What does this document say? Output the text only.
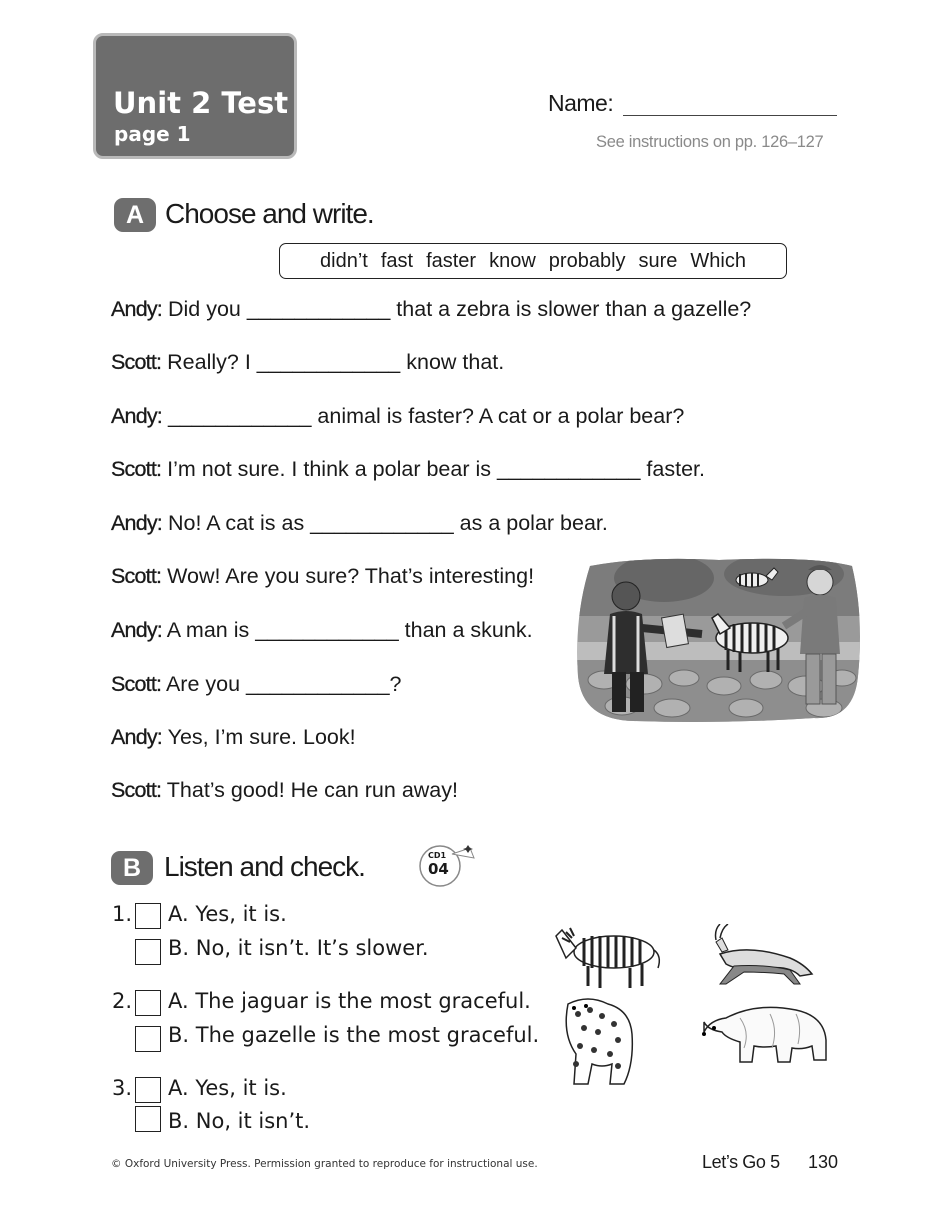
Unit 2 Test
page 1
Name:
See instructions on pp. 126–127
A Choose and write.
didn’t fast faster know probably sure Which
Andy: Did you ____________ that a zebra is slower than a gazelle?
Scott: Really? I ____________ know that.
Andy: ____________ animal is faster? A cat or a polar bear?
Scott: I’m not sure. I think a polar bear is ____________ faster.
Andy: No! A cat is as ____________ as a polar bear.
Scott: Wow! Are you sure? That’s interesting!
Andy: A man is ____________ than a skunk.
Scott: Are you ____________?
Andy: Yes, I’m sure. Look!
Scott: That’s good! He can run away!
B Listen and check.	CD1
04
1. A. Yes, it is.
B. No, it isn’t. It’s slower.
2. A. The jaguar is the most graceful.
B. The gazelle is the most graceful.
3. A. Yes, it is.
B. No, it isn’t.
© Oxford University Press. Permission granted to reproduce for instructional use.	Let’s Go 5 130
